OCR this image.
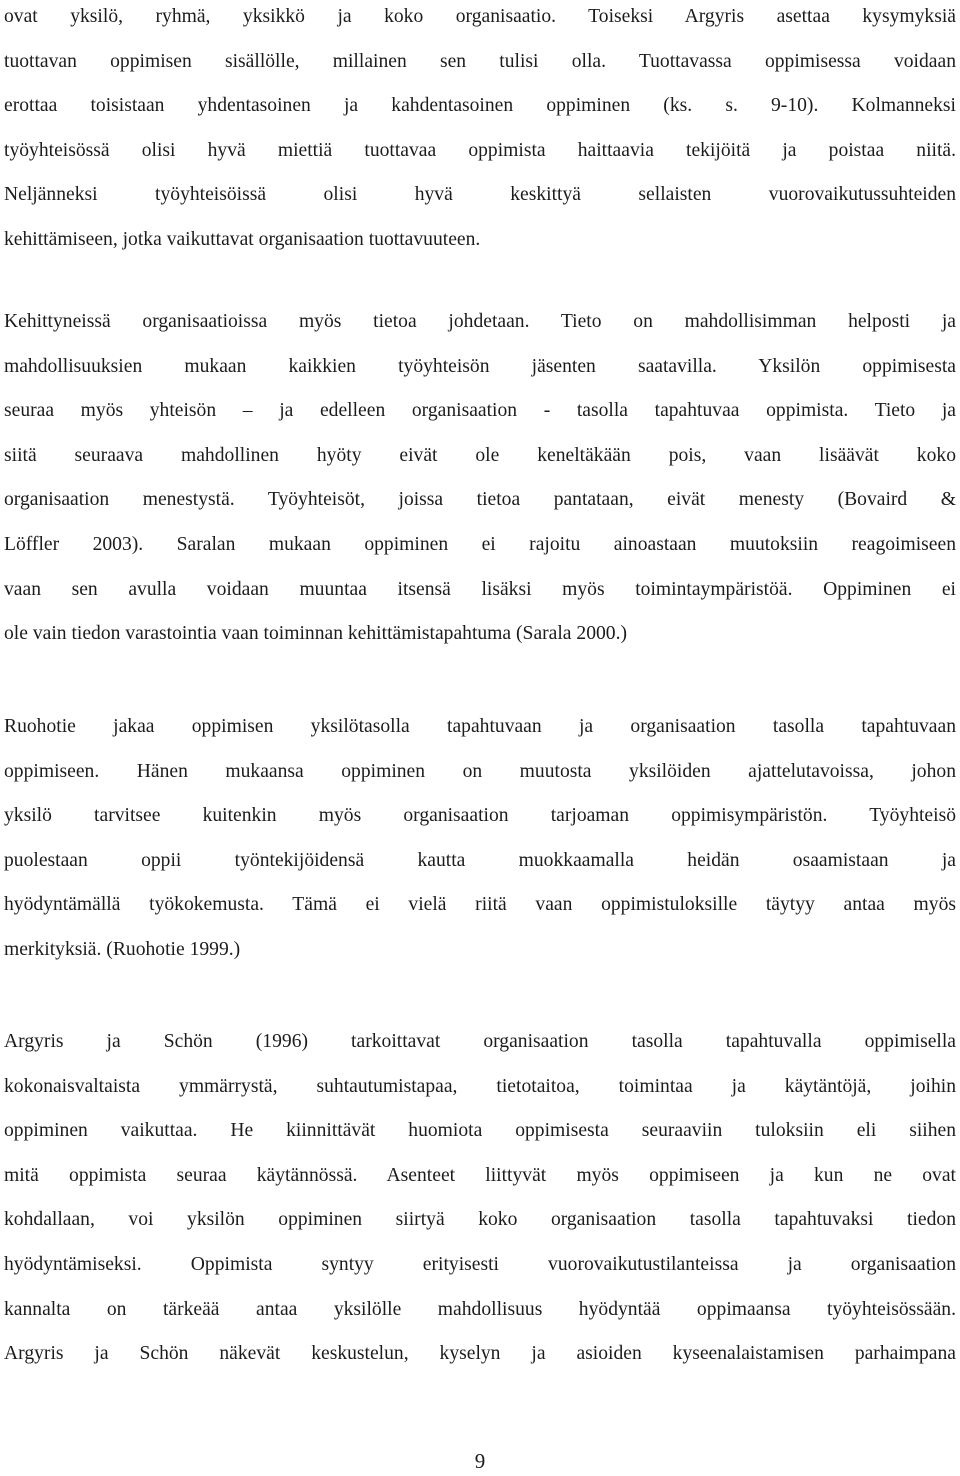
ovat yksilö, ryhmä, yksikkö ja koko organisaatio. Toiseksi Argyris asettaa kysymyksiä
tuottavan oppimisen sisällölle, millainen sen tulisi olla. Tuottavassa oppimisessa voidaan
erottaa toisistaan yhdentasoinen ja kahdentasoinen oppiminen (ks. s. 9-10). Kolmanneksi
työyhteisössä olisi hyvä miettiä tuottavaa oppimista haittaavia tekijöitä ja poistaa niitä.
Neljänneksi työyhteisöissä olisi hyvä keskittyä sellaisten vuorovaikutussuhteiden
kehittämiseen, jotka vaikuttavat organisaation tuottavuuteen.
Kehittyneissä organisaatioissa myös tietoa johdetaan. Tieto on mahdollisimman helposti ja
mahdollisuuksien mukaan kaikkien työyhteisön jäsenten saatavilla. Yksilön oppimisesta
seuraa myös yhteisön – ja edelleen organisaation - tasolla tapahtuvaa oppimista. Tieto ja
siitä seuraava mahdollinen hyöty eivät ole keneltäkään pois, vaan lisäävät koko
organisaation menestystä. Työyhteisöt, joissa tietoa pantataan, eivät menesty (Bovaird &
Löffler 2003). Saralan mukaan oppiminen ei rajoitu ainoastaan muutoksiin reagoimiseen
vaan sen avulla voidaan muuntaa itsensä lisäksi myös toimintaympäristöä. Oppiminen ei
ole vain tiedon varastointia vaan toiminnan kehittämistapahtuma (Sarala 2000.)
Ruohotie jakaa oppimisen yksilötasolla tapahtuvaan ja organisaation tasolla tapahtuvaan
oppimiseen. Hänen mukaansa oppiminen on muutosta yksilöiden ajattelutavoissa, johon
yksilö tarvitsee kuitenkin myös organisaation tarjoaman oppimisympäristön. Työyhteisö
puolestaan oppii työntekijöidensä kautta muokkaamalla heidän osaamistaan ja
hyödyntämällä työkokemusta. Tämä ei vielä riitä vaan oppimistuloksille täytyy antaa myös
merkityksiä. (Ruohotie 1999.)
Argyris ja Schön (1996) tarkoittavat organisaation tasolla tapahtuvalla oppimisella
kokonaisvaltaista ymmärrystä, suhtautumistapaa, tietotaitoa, toimintaa ja käytäntöjä, joihin
oppiminen vaikuttaa. He kiinnittävät huomiota oppimisesta seuraaviin tuloksiin eli siihen
mitä oppimista seuraa käytännössä. Asenteet liittyvät myös oppimiseen ja kun ne ovat
kohdallaan, voi yksilön oppiminen siirtyä koko organisaation tasolla tapahtuvaksi tiedon
hyödyntämiseksi. Oppimista syntyy erityisesti vuorovaikutustilanteissa ja organisaation
kannalta on tärkeää antaa yksilölle mahdollisuus hyödyntää oppimaansa työyhteisössään.
Argyris ja Schön näkevät keskustelun, kyselyn ja asioiden kyseenalaistamisen parhaimpana
9
